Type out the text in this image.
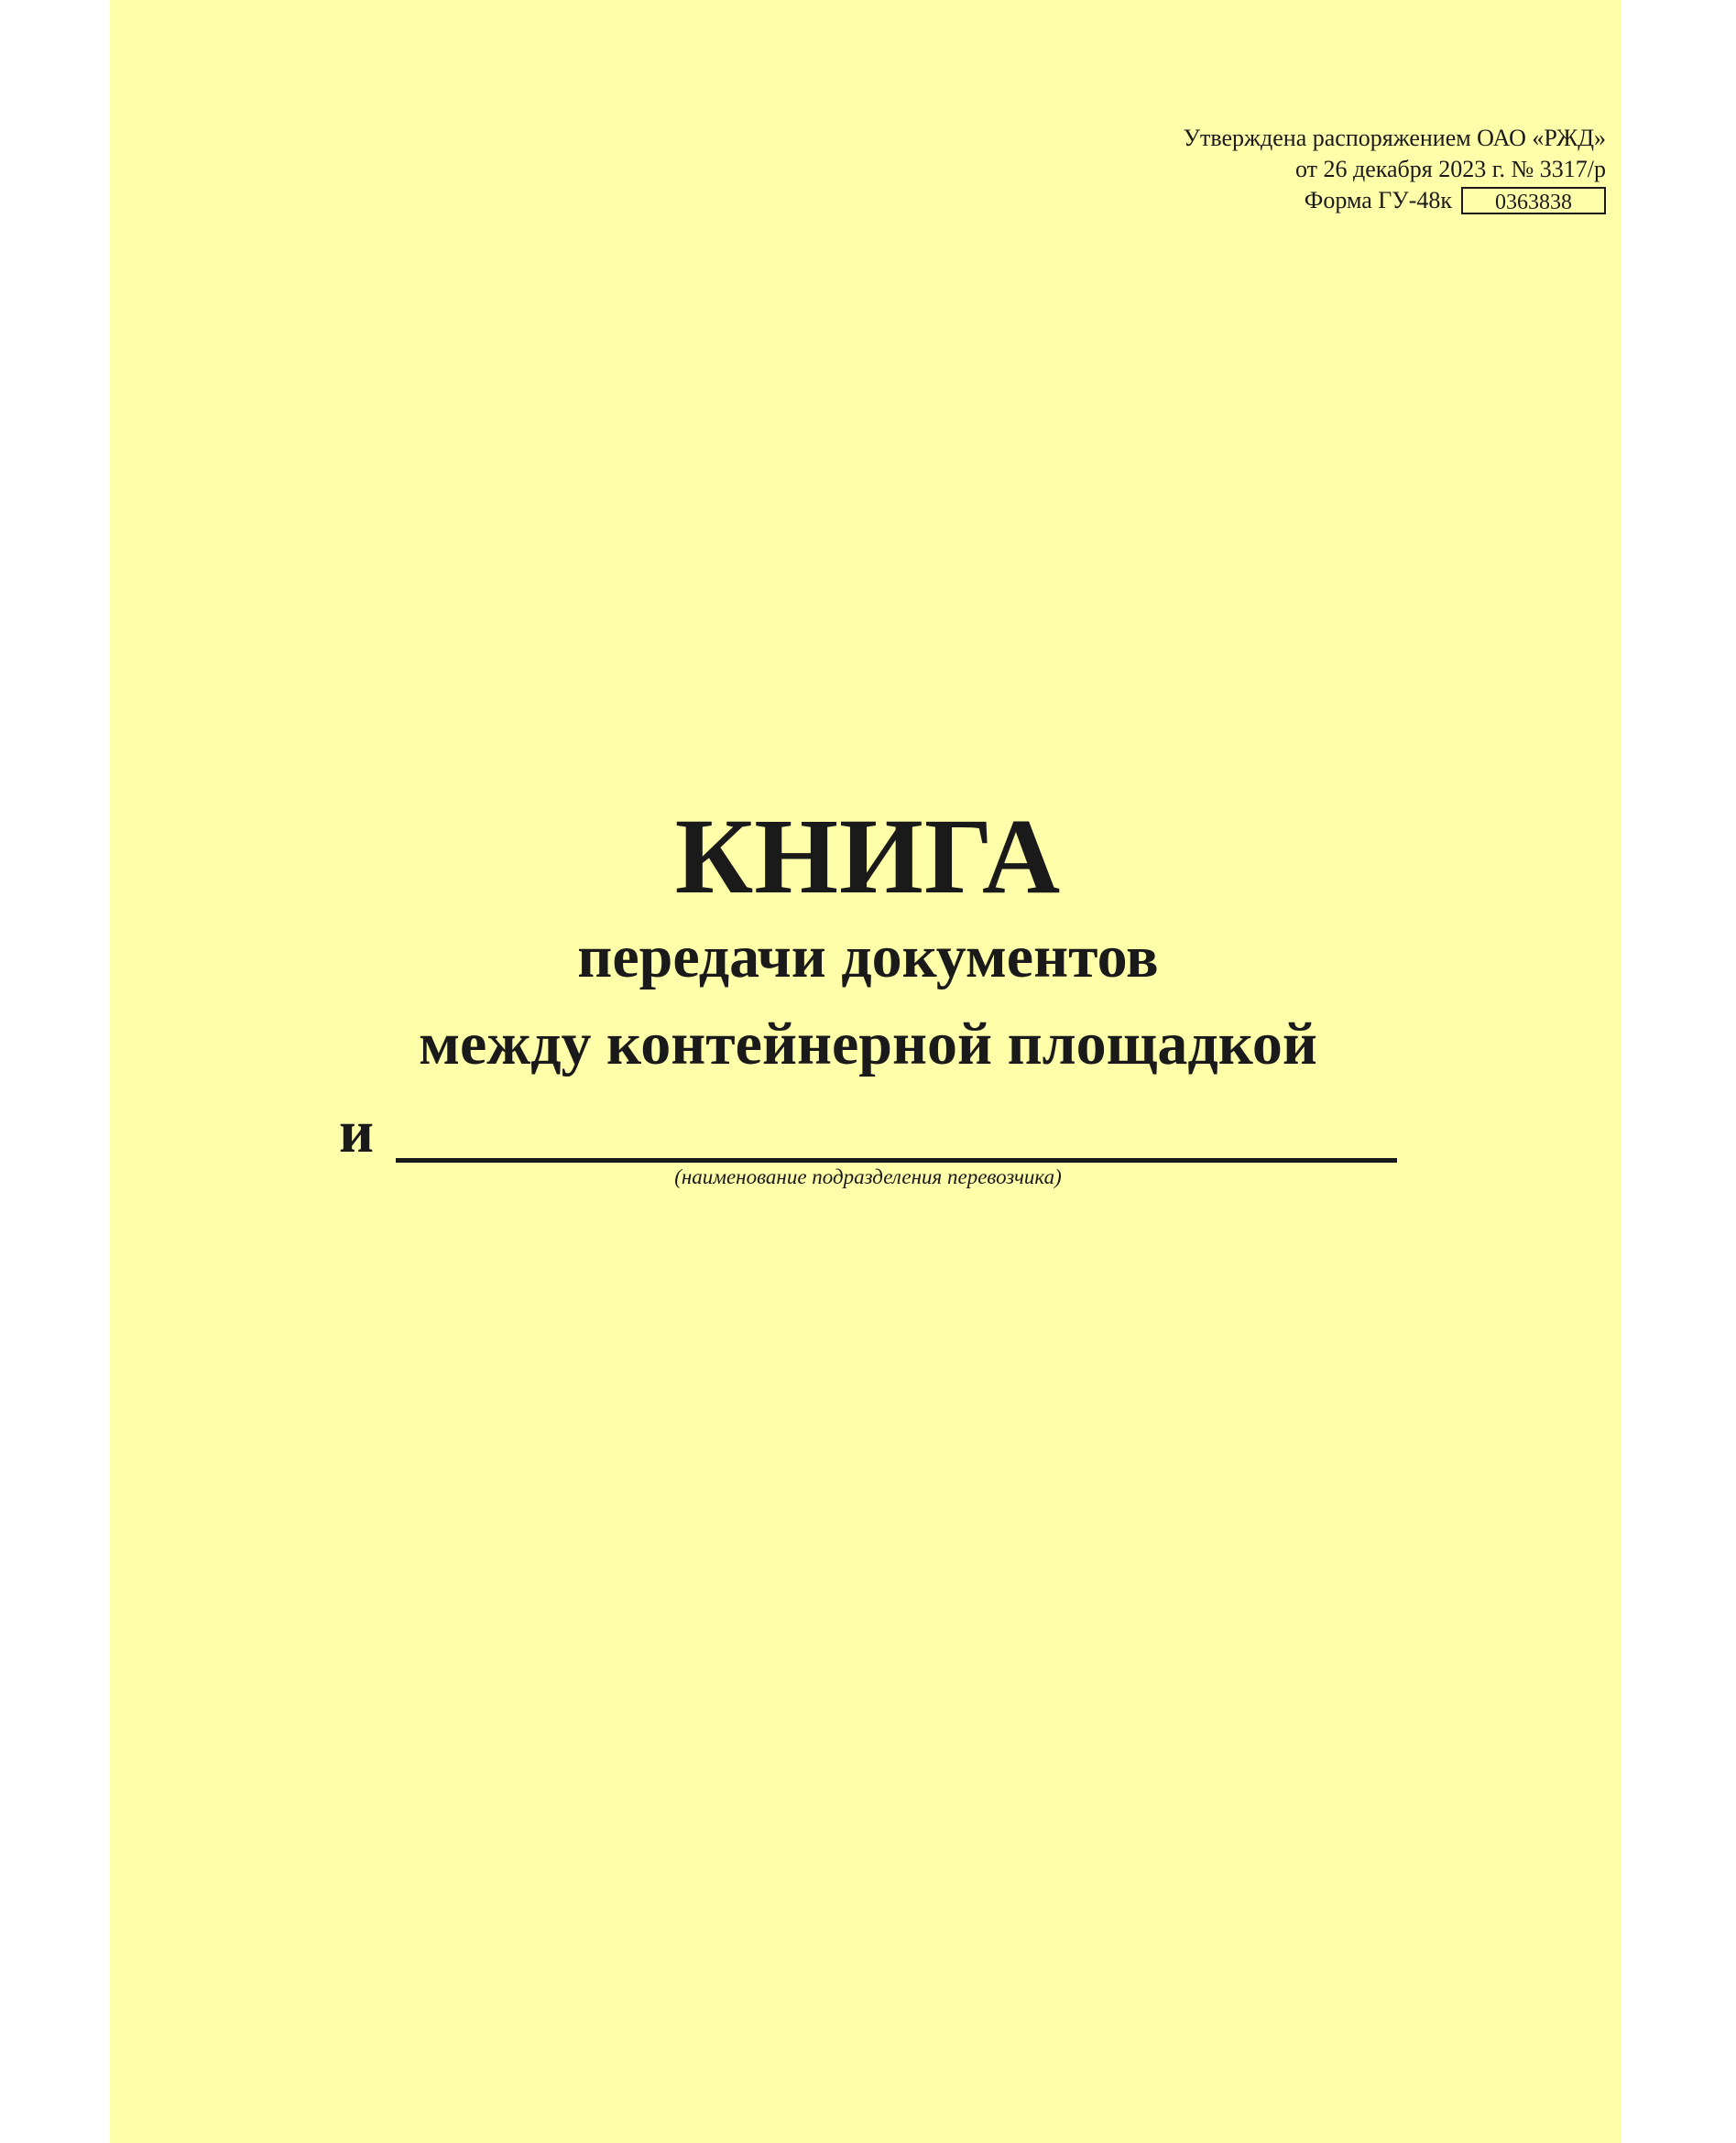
Утверждена распоряжением ОАО «РЖД»
от 26 декабря 2023 г. № 3317/р
Форма ГУ-48к	0363838
КНИГА
передачи документов
между контейнерной площадкой
и
(наименование подразделения перевозчика)
